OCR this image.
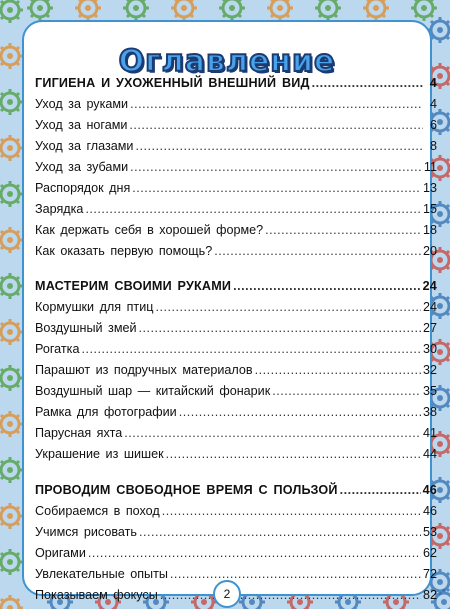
Оглавление
ГИГИЕНА И УХОЖЕННЫЙ ВНЕШНИЙ ВИД .....	4
Уход за руками .....	4
Уход за ногами .....	6
Уход за глазами .....	8
Уход за зубами .....	11
Распорядок дня .....	13
Зарядка .....	15
Как держать себя в хорошей форме? .....	18
Как оказать первую помощь? .....	20
МАСТЕРИМ СВОИМИ РУКАМИ .....	24
Кормушки для птиц .....	24
Воздушный змей .....	27
Рогатка .....	30
Парашют из подручных материалов .....	32
Воздушный шар — китайский фонарик .....	35
Рамка для фотографии .....	38
Парусная яхта .....	41
Украшение из шишек .....	44
ПРОВОДИМ СВОБОДНОЕ ВРЕМЯ С ПОЛЬЗОЙ .....	46
Собираемся в поход .....	46
Учимся рисовать .....	53
Оригами .....	62
Увлекательные опыты .....	72
Показываем фокусы .....	82
2
